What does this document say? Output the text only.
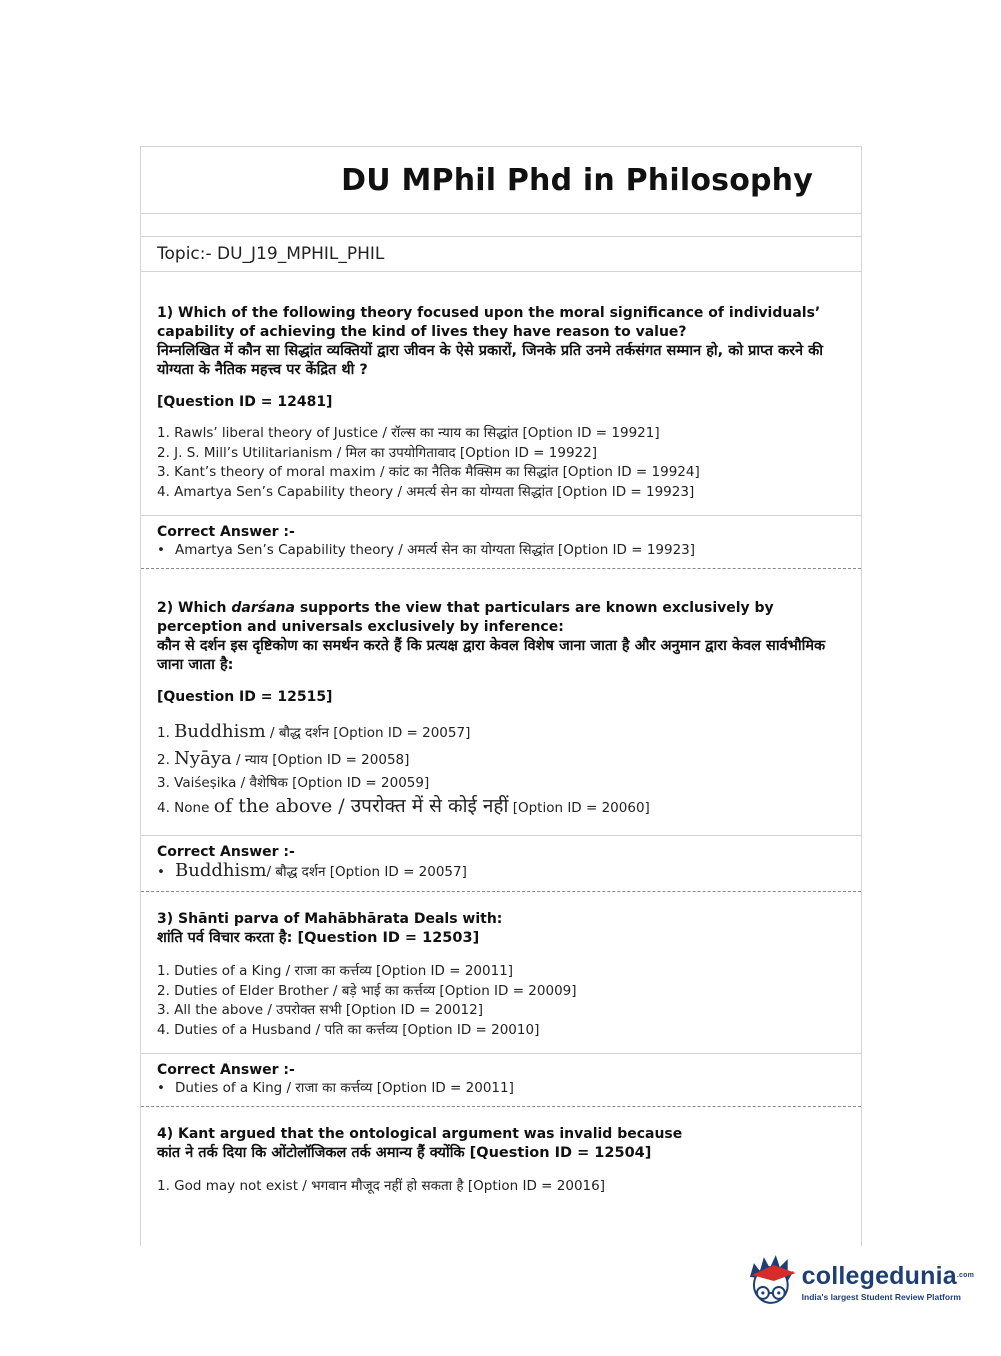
DU MPhil Phd in Philosophy
Topic:- DU_J19_MPHIL_PHIL

1) Which of the following theory focused upon the moral significance of individuals’ capability of achieving the kind of lives they have reason to value?

निम्नलिखित में कौन सा सिद्धांत व्यक्तियों द्वारा जीवन के ऐसे प्रकारों, जिनके प्रति उनमे तर्कसंगत सम्मान हो, को प्राप्त करने की योग्यता के नैतिक महत्त्व पर केंद्रित थी ?

[Question ID = 12481]

1. Rawls’ liberal theory of Justice / रॉल्स का न्याय का सिद्धांत [Option ID = 19921]
2. J. S. Mill’s Utilitarianism / मिल का उपयोगितावाद [Option ID = 19922]
3. Kant’s theory of moral maxim / कांट का नैतिक मैक्सिम का सिद्धांत [Option ID = 19924]
4. Amartya Sen’s Capability theory / अमर्त्य सेन का योग्यता सिद्धांत [Option ID = 19923]

Correct Answer :-

• Amartya Sen’s Capability theory / अमर्त्य सेन का योग्यता सिद्धांत [Option ID = 19923]

2) Which darśana supports the view that particulars are known exclusively by perception and universals exclusively by inference:

कौन से दर्शन इस दृष्टिकोण का समर्थन करते हैं कि प्रत्यक्ष द्वारा केवल विशेष जाना जाता है और अनुमान द्वारा केवल सार्वभौमिक जाना जाता है:

[Question ID = 12515]

1. Buddhism / बौद्ध दर्शन [Option ID = 20057]
2. Nyāya / न्याय [Option ID = 20058]
3. Vaiśeṣika / वैशेषिक [Option ID = 20059]
4. None of the above / उपरोक्त में से कोई नहीं [Option ID = 20060]

Correct Answer :-

• Buddhism / बौद्ध दर्शन [Option ID = 20057]

3) Shānti parva of Mahābhārata Deals with:

शांति पर्व विचार करता है: [Question ID = 12503]

1. Duties of a King / राजा का कर्त्तव्य [Option ID = 20011]
2. Duties of Elder Brother / बड़े भाई का कर्त्तव्य [Option ID = 20009]
3. All the above / उपरोक्त सभी [Option ID = 20012]
4. Duties of a Husband / पति का कर्त्तव्य [Option ID = 20010]

Correct Answer :-

• Duties of a King / राजा का कर्त्तव्य [Option ID = 20011]

4) Kant argued that the ontological argument was invalid because

कांत ने तर्क दिया कि ओंटोलॉजिकल तर्क अमान्य हैं क्योंकि [Question ID = 12504]

1. God may not exist / भगवान मौजूद नहीं हो सकता है [Option ID = 20016]
collegedunia$^{.com}$
India's largest Student Review Platform
